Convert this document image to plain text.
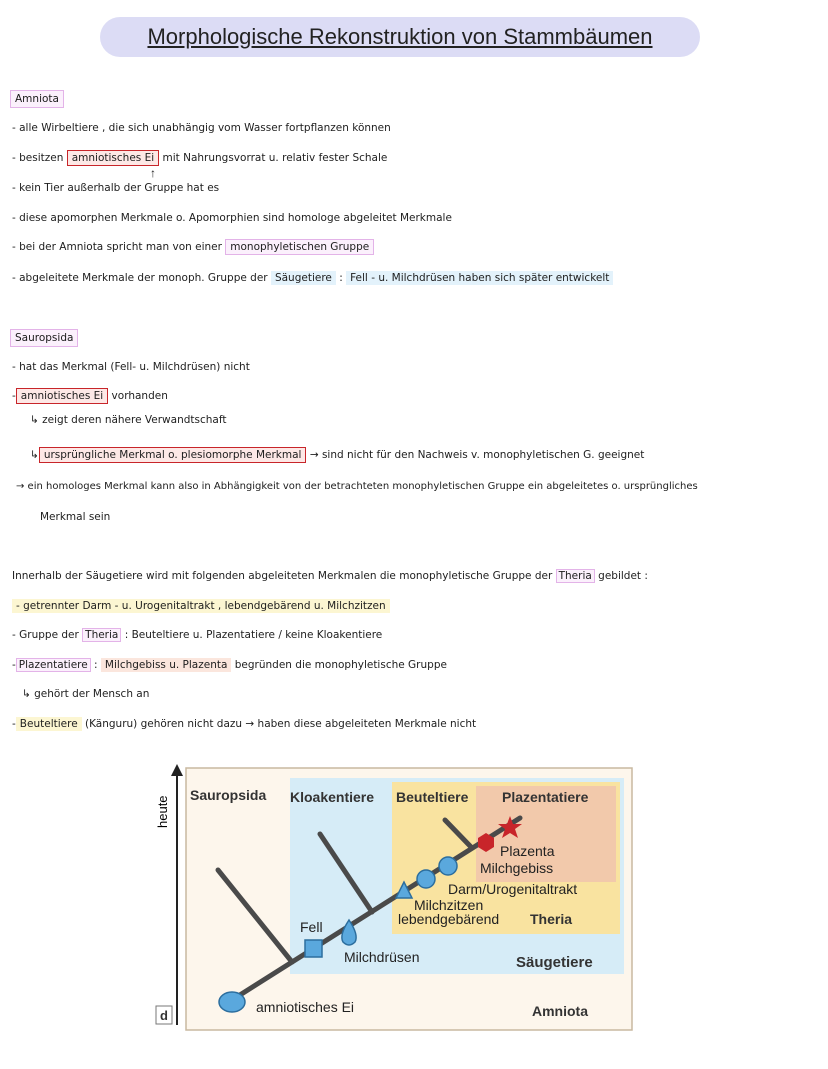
Morphologische Rekonstruktion von Stammbäumen
Amniota
- alle Wirbeltiere , die sich unabhängig vom Wasser fortpflanzen können
- besitzen amniotisches Ei mit Nahrungsvorrat u. relativ fester Schale
↑
- kein Tier außerhalb der Gruppe hat es
- diese apomorphen Merkmale o. Apomorphien sind homologe abgeleitet Merkmale
- bei der Amniota spricht man von einer monophyletischen Gruppe
- abgeleitete Merkmale der monoph. Gruppe der Säugetiere : Fell - u. Milchdrüsen haben sich später entwickelt
Sauropsida
- hat das Merkmal (Fell- u. Milchdrüsen) nicht
- amniotisches Ei vorhanden
↳ zeigt deren nähere Verwandtschaft
↳ ursprüngliche Merkmal o. plesiomorphe Merkmal → sind nicht für den Nachweis v. monophyletischen G. geeignet
→ ein homologes Merkmal kann also in Abhängigkeit von der betrachteten monophyletischen Gruppe ein abgeleitetes o. ursprüngliches
Merkmal sein
Innerhalb der Säugetiere wird mit folgenden abgeleiteten Merkmalen die monophyletische Gruppe der Theria gebildet :
- getrennter Darm - u. Urogenitaltrakt , lebendgebärend u. Milchzitzen
- Gruppe der Theria : Beuteltiere u. Plazentatiere / keine Kloakentiere
- Plazentatiere : Milchgebiss u. Plazenta begründen die monophyletische Gruppe
↳ gehört der Mensch an
- Beuteltiere (Känguru) gehören nicht dazu → haben diese abgeleiteten Merkmale nicht
heute
Sauropsida Kloakentiere Beuteltiere Plazentatiere
Plazenta
Milchgebiss
Darm/Urogenitaltrakt
Milchzitzen
lebendgebärend
Fell
Milchdrüsen
amniotisches Ei
Theria
Säugetiere
Amniota
d
